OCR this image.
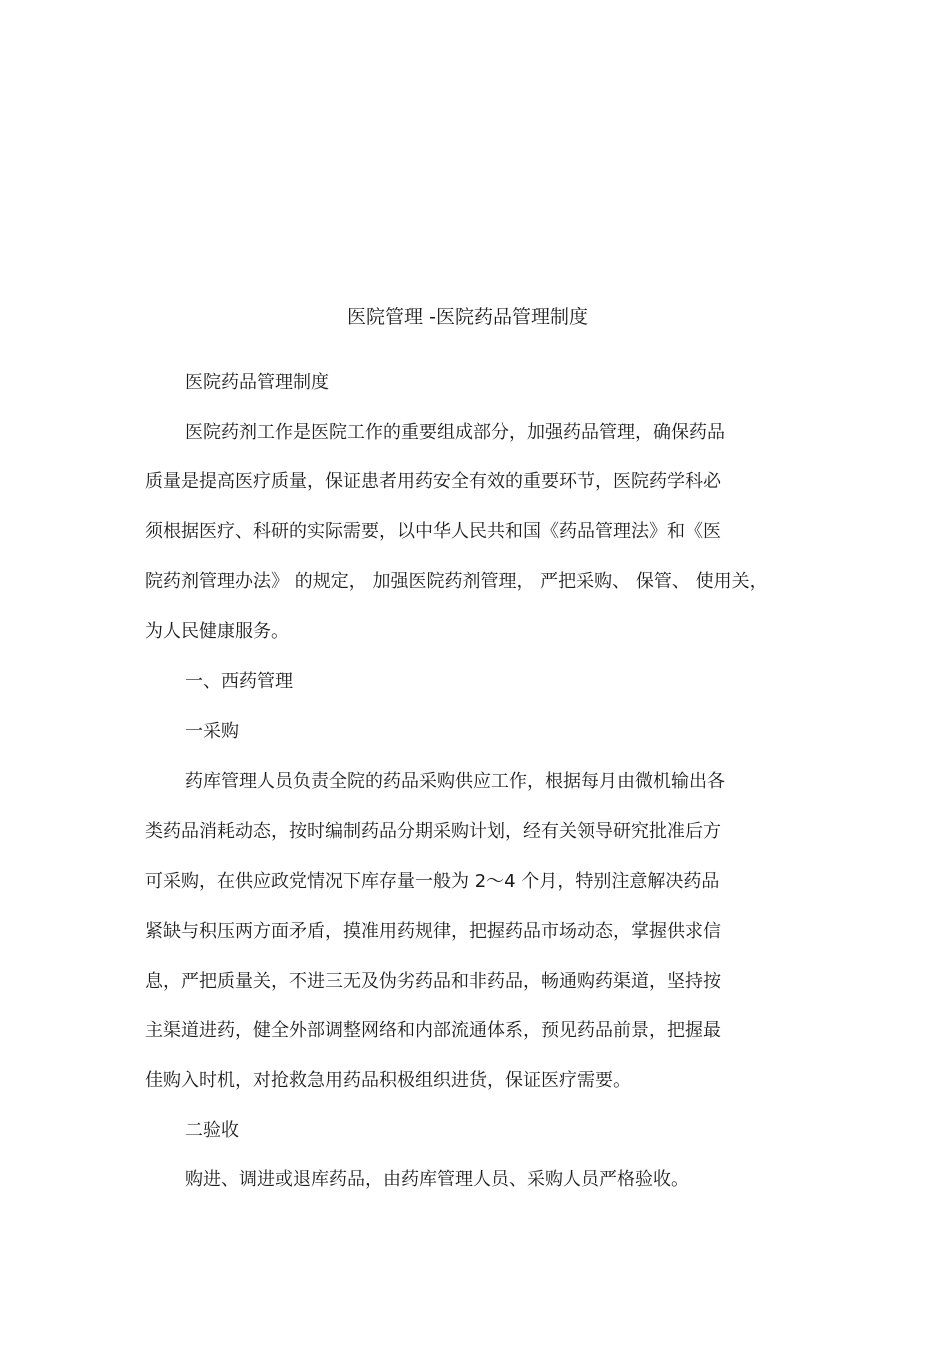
医院管理 -医院药品管理制度
医院药品管理制度
医院药剂工作是医院工作的重要组成部分，加强药品管理，确保药品
质量是提高医疗质量，保证患者用药安全有效的重要环节，医院药学科必
须根据医疗、科研的实际需要，以中华人民共和国《药品管理法》和《医
院药剂管理办法》 的规定， 加强医院药剂管理， 严把采购、 保管、 使用关，
为人民健康服务。
一、西药管理
一采购
药库管理人员负责全院的药品采购供应工作，根据每月由微机输出各
类药品消耗动态，按时编制药品分期采购计划，经有关领导研究批准后方
可采购，在供应政党情况下库存量一般为 2～4 个月，特别注意解决药品
紧缺与积压两方面矛盾，摸准用药规律，把握药品市场动态，掌握供求信
息，严把质量关，不进三无及伪劣药品和非药品，畅通购药渠道，坚持按
主渠道进药，健全外部调整网络和内部流通体系，预见药品前景，把握最
佳购入时机，对抢救急用药品积极组织进货，保证医疗需要。
二验收
购进、调进或退库药品，由药库管理人员、采购人员严格验收。
